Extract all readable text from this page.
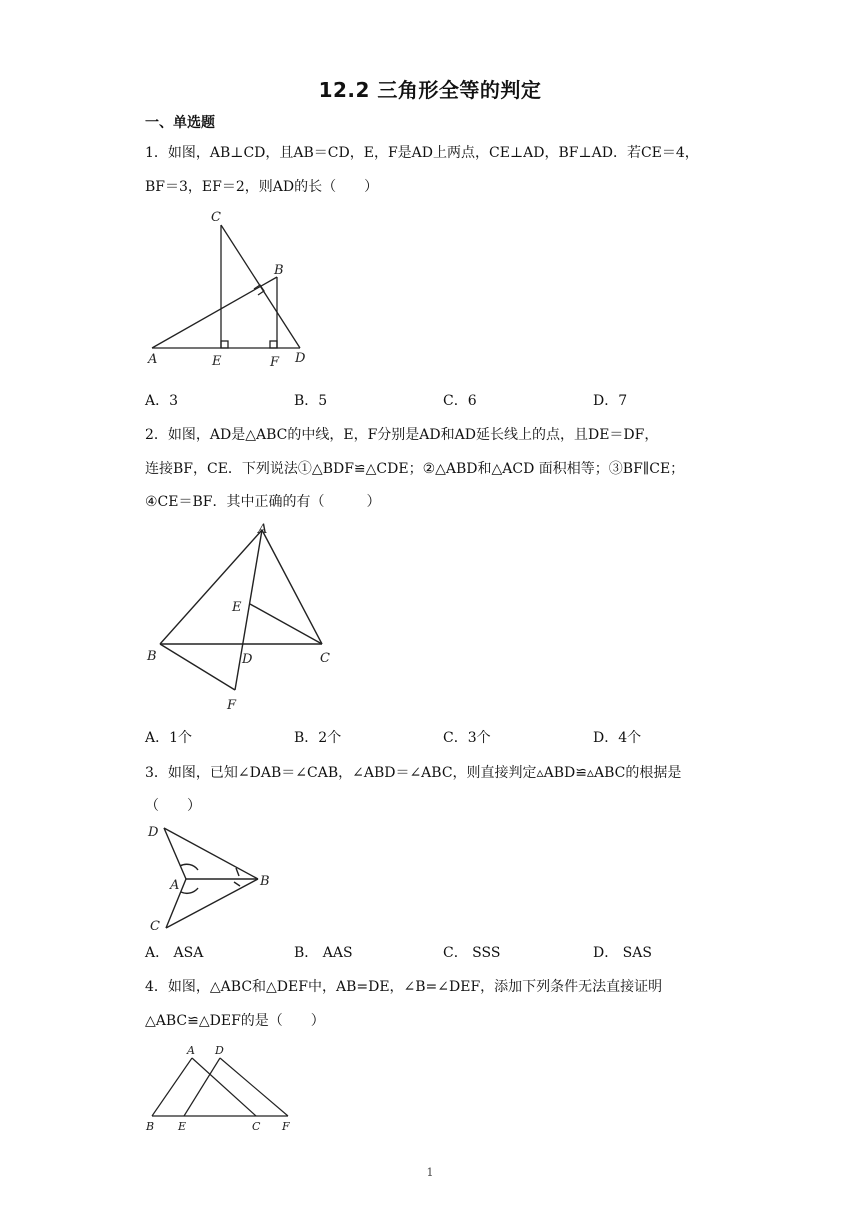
12.2 三角形全等的判定
一、单选题
1．如图，AB⊥CD，且AB＝CD，E，F是AD上两点，CE⊥AD，BF⊥AD．若CE＝4，
BF＝3，EF＝2，则AD的长（　　）
C
B
A	E	F D
A．3	B．5	C．6	D．7
2．如图，AD是△ABC的中线，E，F分别是AD和AD延长线上的点，且DE＝DF，
连接BF，CE．下列说法①△BDF≌△CDE；②△ABD和△ACD 面积相等；③BF∥CE；
④CE＝BF．其中正确的有（　　　）
A
E
B	D	C
F
A．1个	B．2个	C．3个	D．4个
3．如图，已知∠DAB＝∠CAB，∠ABD＝∠ABC，则直接判定▵ABD≌▵ABC的根据是
（　　）
D
A	B
C
A． ASA	B． AAS	C． SSS	D． SAS
4．如图，△ABC和△DEF中，AB=DE，∠B=∠DEF，添加下列条件无法直接证明
△ABC≌△DEF的是（　　）
A D
B E	C F
1
